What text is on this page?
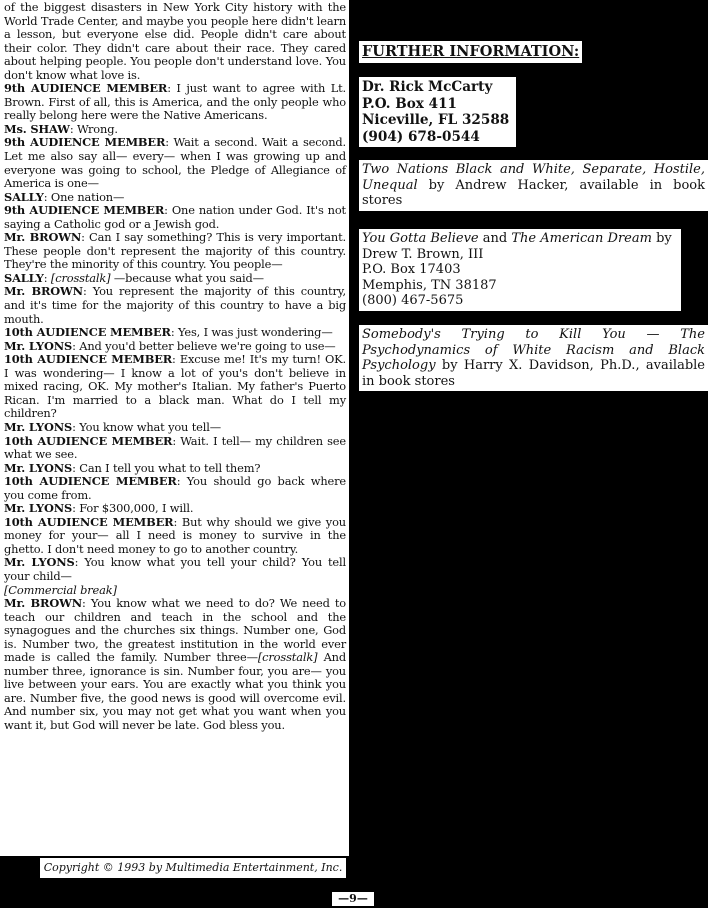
of the biggest disasters in New York City history with the World Trade Center, and maybe you people here didn't learn a lesson, but everyone else did. People didn't care about their color. They didn't care about their race. They cared about helping people. You people don't understand love. You don't know what love is.

9th AUDIENCE MEMBER: I just want to agree with Lt. Brown. First of all, this is America, and the only people who really belong here were the Native Americans.

Ms. SHAW: Wrong.

9th AUDIENCE MEMBER: Wait a second. Wait a second. Let me also say all— every— when I was growing up and everyone was going to school, the Pledge of Allegiance of America is one—

SALLY: One nation—

9th AUDIENCE MEMBER: One nation under God. It's not saying a Catholic god or a Jewish god.

Mr. BROWN: Can I say something? This is very important. These people don't represent the majority of this country. They're the minority of this country. You people—

SALLY: [crosstalk] —because what you said—

Mr. BROWN: You represent the majority of this country, and it's time for the majority of this country to have a big mouth.

10th AUDIENCE MEMBER: Yes, I was just wondering—

Mr. LYONS: And you'd better believe we're going to use—

10th AUDIENCE MEMBER: Excuse me! It's my turn! OK. I was wondering— I know a lot of you's don't believe in mixed racing, OK. My mother's Italian. My father's Puerto Rican. I'm married to a black man. What do I tell my children?

Mr. LYONS: You know what you tell—

10th AUDIENCE MEMBER: Wait. I tell— my children see what we see.

Mr. LYONS: Can I tell you what to tell them?

10th AUDIENCE MEMBER: You should go back where you come from.

Mr. LYONS: For $300,000, I will.

10th AUDIENCE MEMBER: But why should we give you money for your— all I need is money to survive in the ghetto. I don't need money to go to another country.

Mr. LYONS: You know what you tell your child? You tell your child—

[Commercial break]

Mr. BROWN: You know what we need to do? We need to teach our children and teach in the school and the synagogues and the churches six things. Number one, God is. Number two, the greatest institution in the world ever made is called the family. Number three—[crosstalk] And number three, ignorance is sin. Number four, you are— you live between your ears. You are exactly what you think you are. Number five, the good news is good will overcome evil. And number six, you may not get what you want when you want it, but God will never be late. God bless you.

Copyright © 1993 by Multimedia Entertainment, Inc.
—9—
FURTHER INFORMATION:
Dr. Rick McCarty
P.O. Box 411
Niceville, FL 32588
(904) 678-0544
Two Nations Black and White, Separate, Hostile, Unequal by Andrew Hacker, available in book stores
You Gotta Believe and The American Dream by
Drew T. Brown, III
P.O. Box 17403
Memphis, TN 38187
(800) 467-5675
Somebody's Trying to Kill You — The Psychodynamics of White Racism and Black Psychology by Harry X. Davidson, Ph.D., available in book stores
